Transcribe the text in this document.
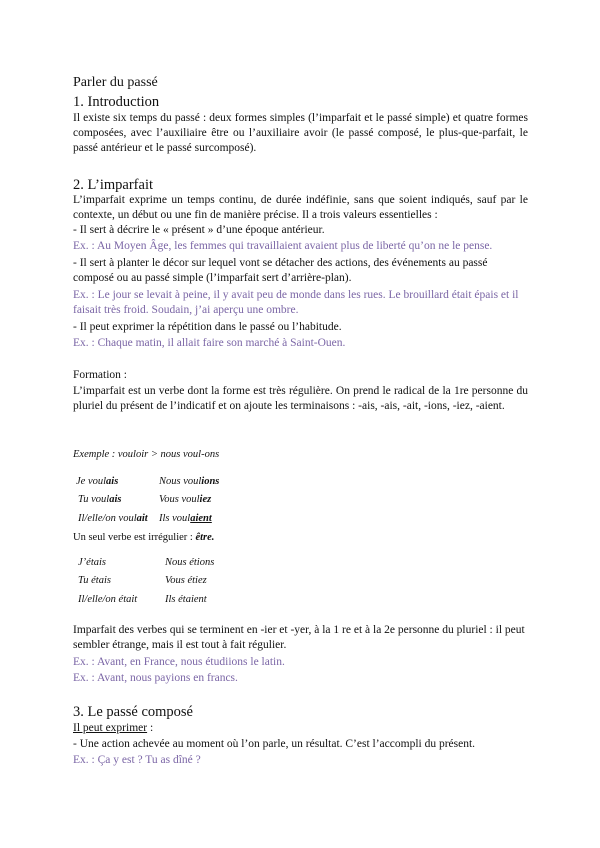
Parler du passé
1. Introduction

Il existe six temps du passé : deux formes simples (l’imparfait et le passé simple) et quatre formes composées, avec l’auxiliaire être ou l’auxiliaire avoir (le passé composé, le plus-que-parfait, le passé antérieur et le passé surcomposé).

2. L’imparfait

L’imparfait exprime un temps continu, de durée indéfinie, sans que soient indiqués, sauf par le contexte, un début ou une fin de manière précise. Il a trois valeurs essentielles :

- Il sert à décrire le « présent » d’une époque antérieur.

Ex. : Au Moyen Âge, les femmes qui travaillaient avaient plus de liberté qu’on ne le pense.

- Il sert à planter le décor sur lequel vont se détacher des actions, des événements au passé composé ou au passé simple (l’imparfait sert d’arrière-plan).

Ex. : Le jour se levait à peine, il y avait peu de monde dans les rues. Le brouillard était épais et il faisait très froid. Soudain, j’ai aperçu une ombre.

- Il peut exprimer la répétition dans le passé ou l’habitude.

Ex. : Chaque matin, il allait faire son marché à Saint-Ouen.

Formation :

L’imparfait est un verbe dont la forme est très régulière. On prend le radical de la 1re personne du pluriel du présent de l’indicatif et on ajoute les terminaisons : -ais, -ais, -ait, -ions, -iez, -aient.

Exemple : vouloir > nous voul-ons
Je voulais	Nous voulions
Tu voulais	Vous vouliez
Il/elle/on voulait Ils voulaient
Un seul verbe est irrégulier : être.
J’étais	Nous étions
Tu étais	Vous étiez
Il/elle/on était	Ils étaient

Imparfait des verbes qui se terminent en -ier et -yer, à la 1 re et à la 2e personne du pluriel : il peut sembler étrange, mais il est tout à fait régulier.

Ex. : Avant, en France, nous étudiions le latin.

Ex. : Avant, nous payions en francs.

3. Le passé composé

Il peut exprimer :

- Une action achevée au moment où l’on parle, un résultat. C’est l’accompli du présent.

Ex. : Ça y est ? Tu as dîné ?
